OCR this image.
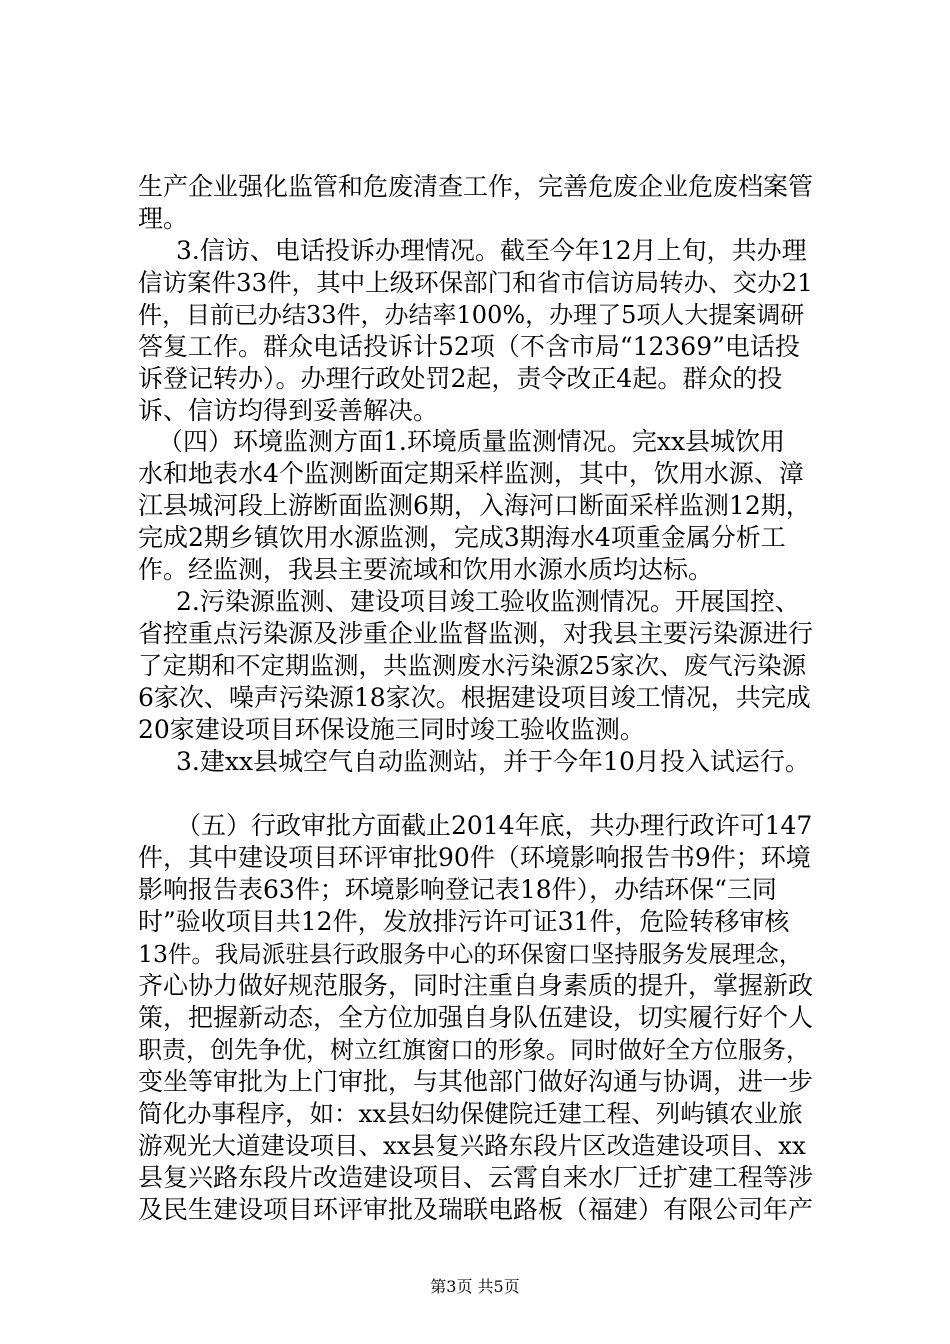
生产企业强化监管和危废清查工作，完善危废企业危废档案管
理。
3.信访、电话投诉办理情况。截至今年12月上旬，共办理
信访案件33件，其中上级环保部门和省市信访局转办、交办21
件，目前已办结33件，办结率100%，办理了5项人大提案调研
答复工作。群众电话投诉计52项（不含市局“12369”电话投
诉登记转办）。办理行政处罚2起，责令改正4起。群众的投
诉、信访均得到妥善解决。
（四）环境监测方面1.环境质量监测情况。完xx县城饮用
水和地表水4个监测断面定期采样监测，其中，饮用水源、漳
江县城河段上游断面监测6期，入海河口断面采样监测12期，
完成2期乡镇饮用水源监测，完成3期海水4项重金属分析工
作。经监测，我县主要流域和饮用水源水质均达标。
2.污染源监测、建设项目竣工验收监测情况。开展国控、
省控重点污染源及涉重企业监督监测，对我县主要污染源进行
了定期和不定期监测，共监测废水污染源25家次、废气污染源
6家次、噪声污染源18家次。根据建设项目竣工情况，共完成
20家建设项目环保设施三同时竣工验收监测。
3.建xx县城空气自动监测站，并于今年10月投入试运行。
（五）行政审批方面截止2014年底，共办理行政许可147
件，其中建设项目环评审批90件（环境影响报告书9件；环境
影响报告表63件；环境影响登记表18件），办结环保“三同
时”验收项目共12件，发放排污许可证31件，危险转移审核
13件。我局派驻县行政服务中心的环保窗口坚持服务发展理念，
齐心协力做好规范服务，同时注重自身素质的提升，掌握新政
策，把握新动态，全方位加强自身队伍建设，切实履行好个人
职责，创先争优，树立红旗窗口的形象。同时做好全方位服务，
变坐等审批为上门审批，与其他部门做好沟通与协调，进一步
简化办事程序，如：xx县妇幼保健院迁建工程、列屿镇农业旅
游观光大道建设项目、xx县复兴路东段片区改造建设项目、xx
县复兴路东段片改造建设项目、云霄自来水厂迁扩建工程等涉
及民生建设项目环评审批及瑞联电路板（福建）有限公司年产
第3页 共5页
